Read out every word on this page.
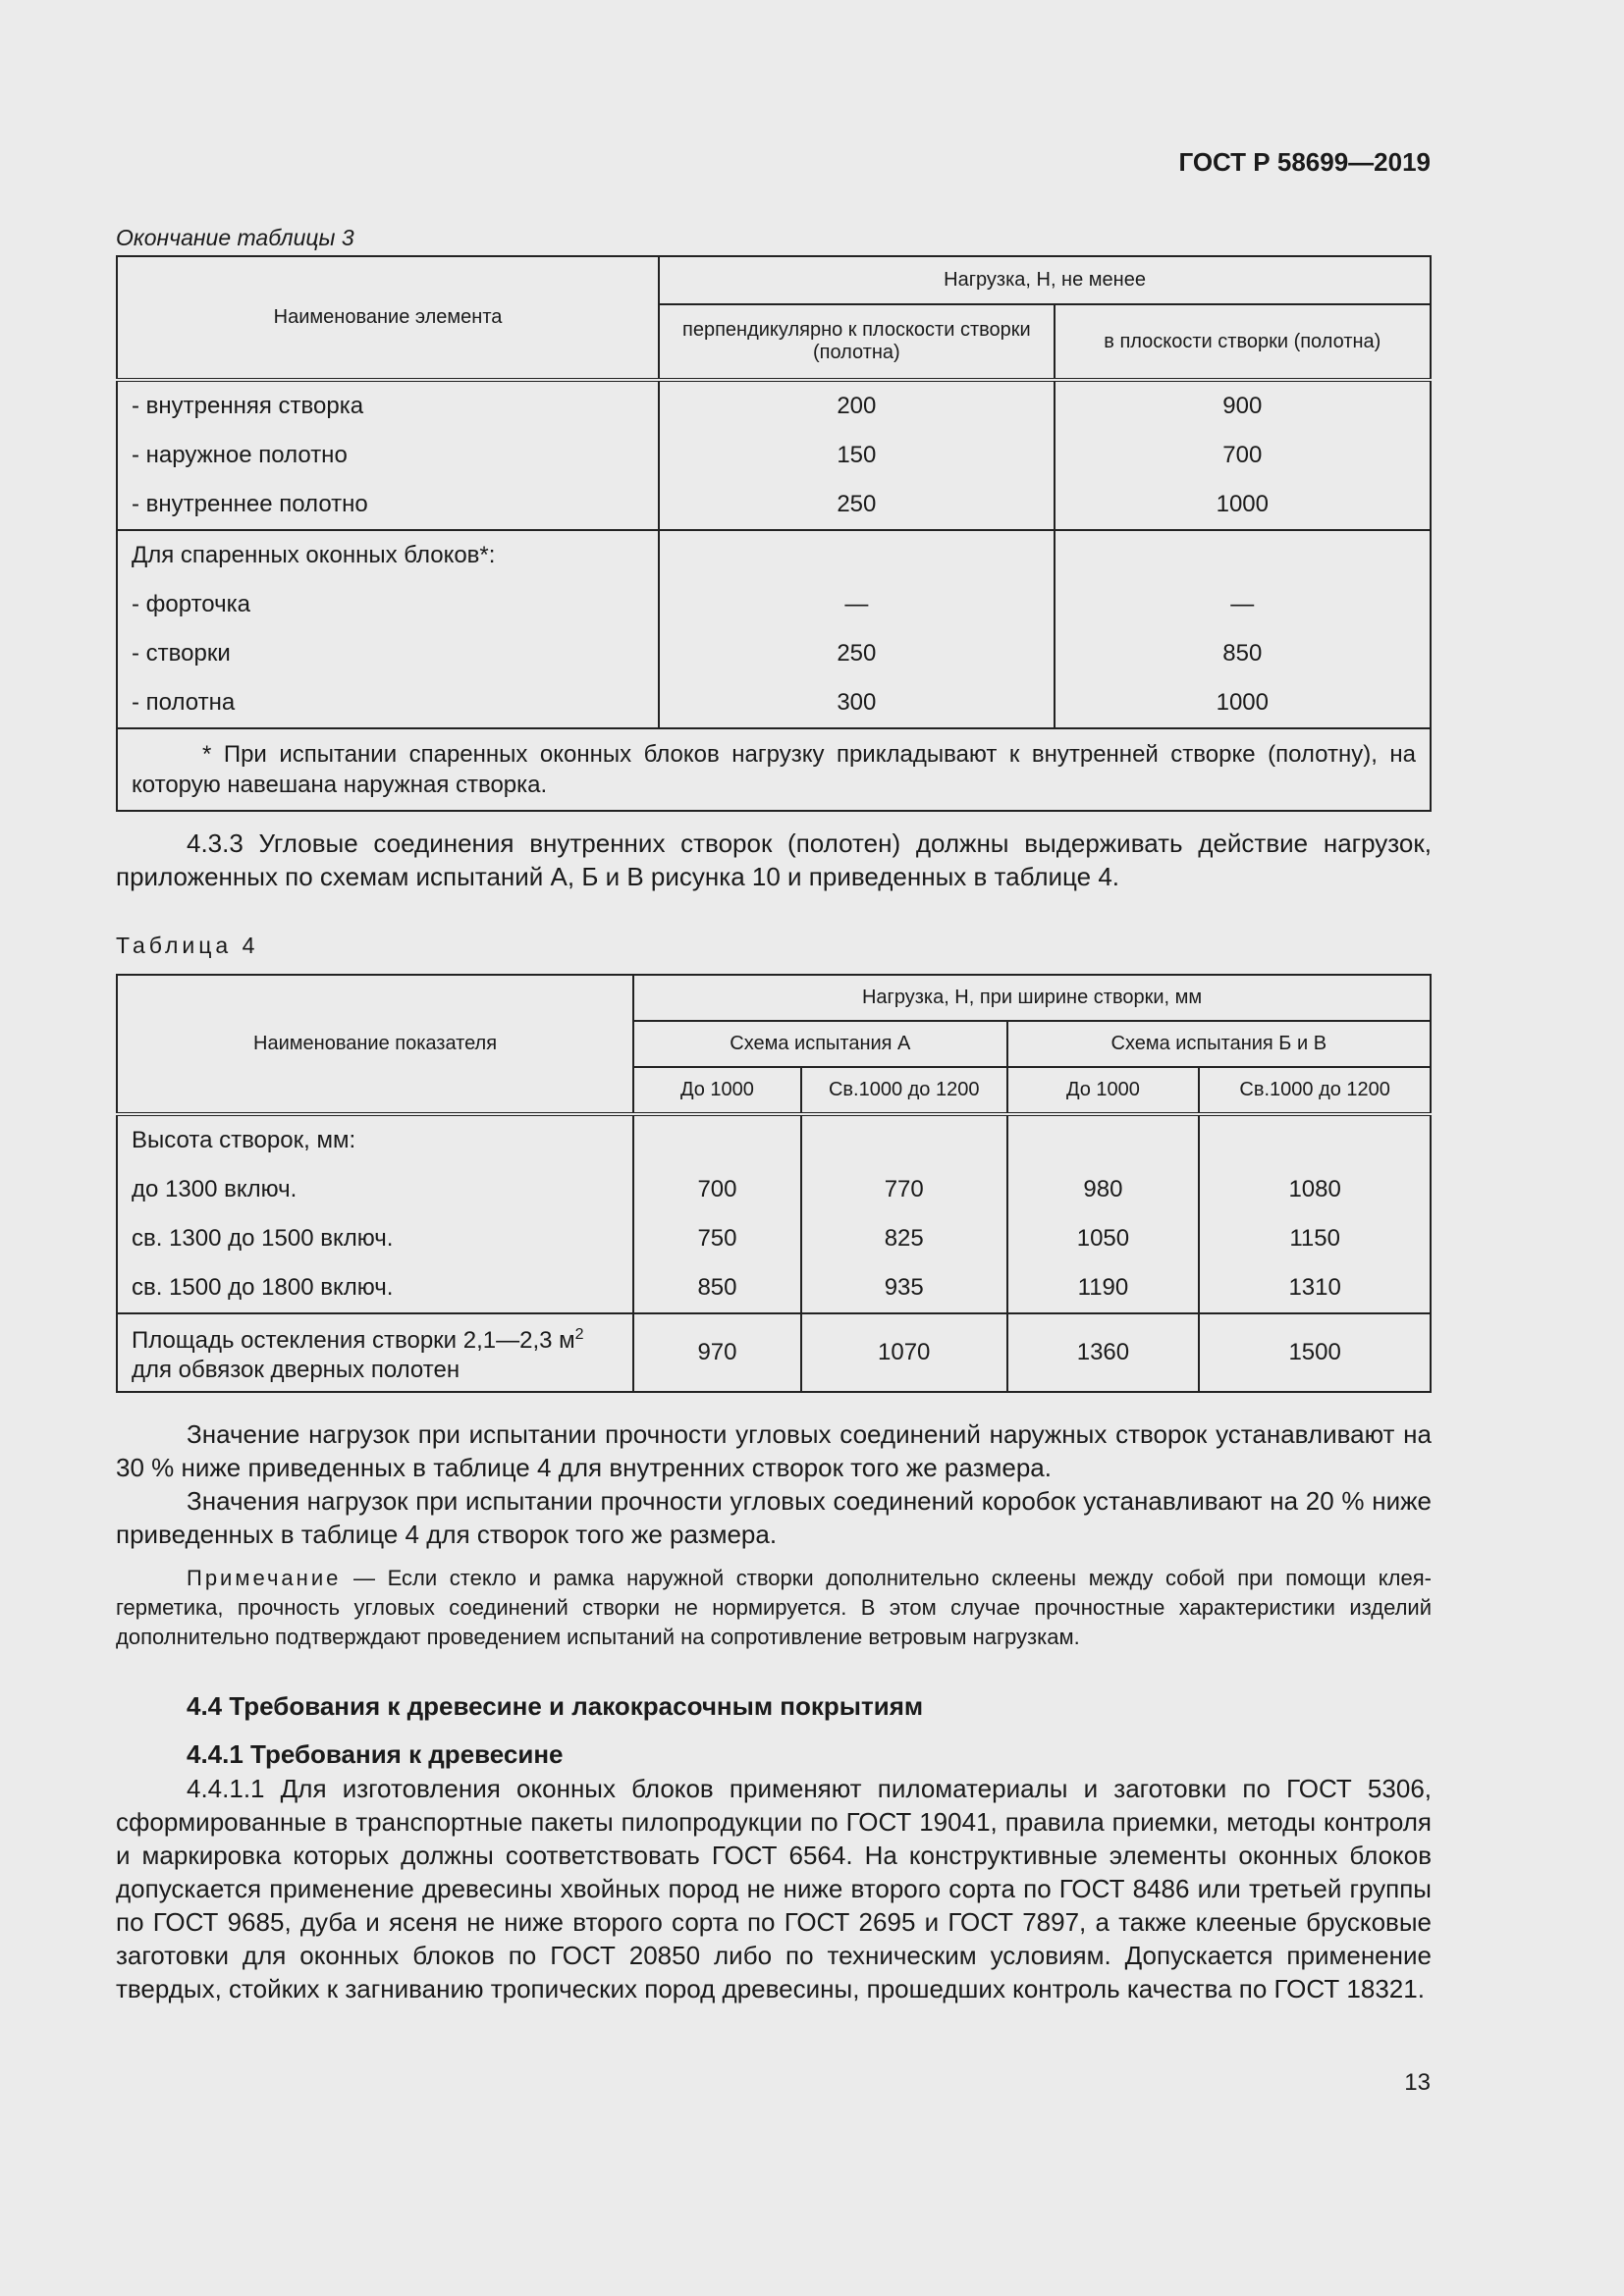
ГОСТ Р 58699—2019
Окончание таблицы 3
Наименование элемента	Нагрузка, Н, не менее	
	перпендикулярно к плоскости створки (полотна)	в плоскости створки (полотна)
- внутренняя створка	200	900
- наружное полотно	150	700
- внутреннее полотно	250	1000
Для спаренных оконных блоков*:		
- форточка	—	—
- створки	250	850
- полотна	300	1000
* При испытании спаренных оконных блоков нагрузку прикладывают к внутренней створке (полотну), на которую навешана наружная створка.		
4.3.3 Угловые соединения внутренних створок (полотен) должны выдерживать действие нагрузок, приложенных по схемам испытаний А, Б и В рисунка 10 и приведенных в таблице 4.
Таблица 4
Наименование показателя	Нагрузка, Н, при ширине створки, мм			
	Схема испытания А		Схема испытания Б и В	
	До 1000	Св.1000 до 1200	До 1000	Св.1000 до 1200
Высота створок, мм:				
до 1300 включ.	700	770	980	1080
св. 1300 до 1500 включ.	750	825	1050	1150
св. 1500 до 1800 включ.	850	935	1190	1310
Площадь остекления створки 2,1—2,3 $м^2$
для обвязок дверных полотен	970	1070	1360	1500
Значение нагрузок при испытании прочности угловых соединений наружных створок устанавливают на 30 % ниже приведенных в таблице 4 для внутренних створок того же размера.
Значения нагрузок при испытании прочности угловых соединений коробок устанавливают на 20 % ниже приведенных в таблице 4 для створок того же размера.
Примечание — Если стекло и рамка наружной створки дополнительно склеены между собой при помощи клея-герметика, прочность угловых соединений створки не нормируется. В этом случае прочностные характеристики изделий дополнительно подтверждают проведением испытаний на сопротивление ветровым нагрузкам.
4.4 Требования к древесине и лакокрасочным покрытиям
4.4.1 Требования к древесине
4.4.1.1 Для изготовления оконных блоков применяют пиломатериалы и заготовки по ГОСТ 5306, сформированные в транспортные пакеты пилопродукции по ГОСТ 19041, правила приемки, методы контроля и маркировка которых должны соответствовать ГОСТ 6564. На конструктивные элементы оконных блоков допускается применение древесины хвойных пород не ниже второго сорта по ГОСТ 8486 или третьей группы по ГОСТ 9685, дуба и ясеня не ниже второго сорта по ГОСТ 2695 и ГОСТ 7897, а также клееные брусковые заготовки для оконных блоков по ГОСТ 20850 либо по техническим условиям. Допускается применение твердых, стойких к загниванию тропических пород древесины, прошедших контроль качества по ГОСТ 18321.
13
